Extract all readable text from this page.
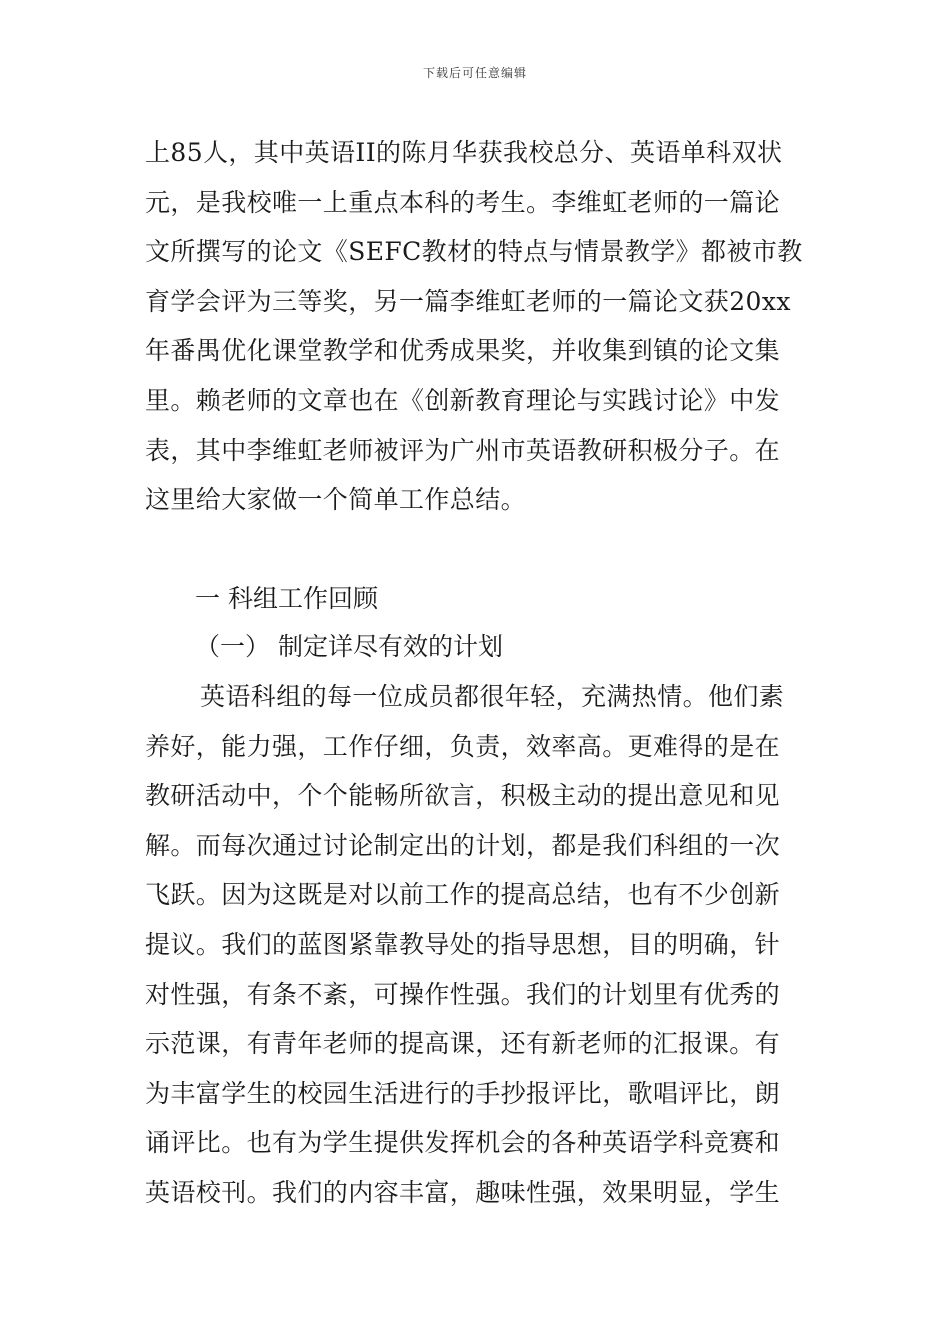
下载后可任意编辑
上85人，其中英语II的陈月华获我校总分、英语单科双状
元，是我校唯一上重点本科的考生。李维虹老师的一篇论
文所撰写的论文《SEFC教材的特点与情景教学》都被市教
育学会评为三等奖，另一篇李维虹老师的一篇论文获20xx
年番禺优化课堂教学和优秀成果奖，并收集到镇的论文集
里。赖老师的文章也在《创新教育理论与实践讨论》中发
表，其中李维虹老师被评为广州市英语教研积极分子。在
这里给大家做一个简单工作总结。
一 科组工作回顾
（一） 制定详尽有效的计划
英语科组的每一位成员都很年轻，充满热情。他们素
养好，能力强，工作仔细，负责，效率高。更难得的是在
教研活动中，个个能畅所欲言，积极主动的提出意见和见
解。而每次通过讨论制定出的计划，都是我们科组的一次
飞跃。因为这既是对以前工作的提高总结，也有不少创新
提议。我们的蓝图紧靠教导处的指导思想，目的明确，针
对性强，有条不紊，可操作性强。我们的计划里有优秀的
示范课，有青年老师的提高课，还有新老师的汇报课。有
为丰富学生的校园生活进行的手抄报评比，歌唱评比，朗
诵评比。也有为学生提供发挥机会的各种英语学科竞赛和
英语校刊。我们的内容丰富，趣味性强，效果明显，学生
